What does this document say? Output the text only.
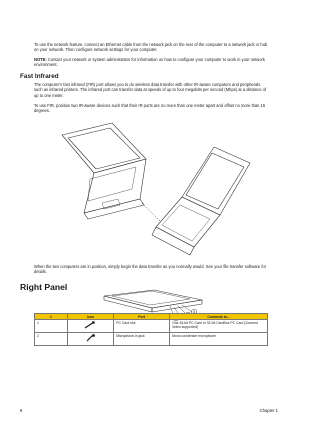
To use the network feature, connect an Ethernet cable from the network jack on the rear of the computer to a network jack or hub on your network. Then configure network settings for your computer.
NOTE: Contact your network or system administrator for information on how to configure your computer to work in your network environment.
Fast Infrared
The computer's fast infrared (FIR) port allows you to do wireless data transfer with other IR-aware computers and peripherals such as infrared printers. The infrared port can transfer data at speeds of up to four megabits per second (Mbps) at a distance of up to one meter.
To use FIR, position two IR-aware devices such that their IR ports are no more than one meter apart and offset no more than 15 degrees.
When the two computers are in position, simply begin the data transfer as you normally would. See your file transfer software for details.
Right Panel
4
#	Icon	Port	Connects to...
1		PC Card slot	One 16-bit PC Card or 32-bit CardBus PC Card (Zoomed Video supported)
2		Microphone-in jack	Mono condenser microphone
8	Chapter 1
